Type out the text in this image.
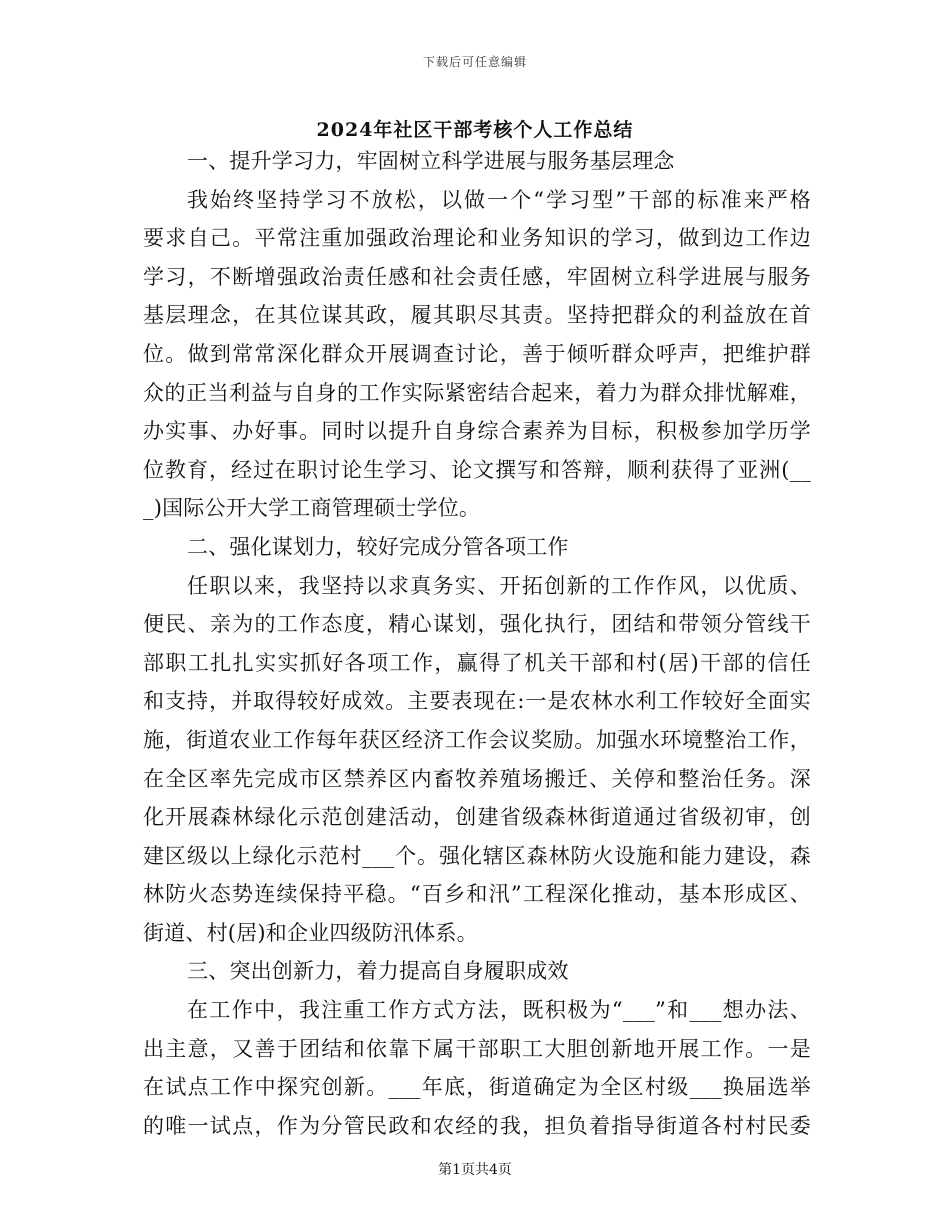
下载后可任意编辑
2024年社区干部考核个人工作总结
一、提升学习力，牢固树立科学进展与服务基层理念
我始终坚持学习不放松，以做一个“学习型”干部的标准来严格
要求自己。平常注重加强政治理论和业务知识的学习，做到边工作边
学习，不断增强政治责任感和社会责任感，牢固树立科学进展与服务
基层理念，在其位谋其政，履其职尽其责。坚持把群众的利益放在首
位。做到常常深化群众开展调查讨论，善于倾听群众呼声，把维护群
众的正当利益与自身的工作实际紧密结合起来，着力为群众排忧解难，
办实事、办好事。同时以提升自身综合素养为目标，积极参加学历学
位教育，经过在职讨论生学习、论文撰写和答辩，顺利获得了亚洲(__
_)国际公开大学工商管理硕士学位。
二、强化谋划力，较好完成分管各项工作
任职以来，我坚持以求真务实、开拓创新的工作作风，以优质、
便民、亲为的工作态度，精心谋划，强化执行，团结和带领分管线干
部职工扎扎实实抓好各项工作，赢得了机关干部和村(居)干部的信任
和支持，并取得较好成效。主要表现在:一是农林水利工作较好全面实
施，街道农业工作每年获区经济工作会议奖励。加强水环境整治工作，
在全区率先完成市区禁养区内畜牧养殖场搬迁、关停和整治任务。深
化开展森林绿化示范创建活动，创建省级森林街道通过省级初审，创
建区级以上绿化示范村___个。强化辖区森林防火设施和能力建设，森
林防火态势连续保持平稳。“百乡和汛”工程深化推动，基本形成区、
街道、村(居)和企业四级防汛体系。
三、突出创新力，着力提高自身履职成效
在工作中，我注重工作方式方法，既积极为“___”和___想办法、
出主意，又善于团结和依靠下属干部职工大胆创新地开展工作。一是
在试点工作中探究创新。___年底，街道确定为全区村级___换届选举
的唯一试点，作为分管民政和农经的我，担负着指导街道各村村民委
第1页共4页
